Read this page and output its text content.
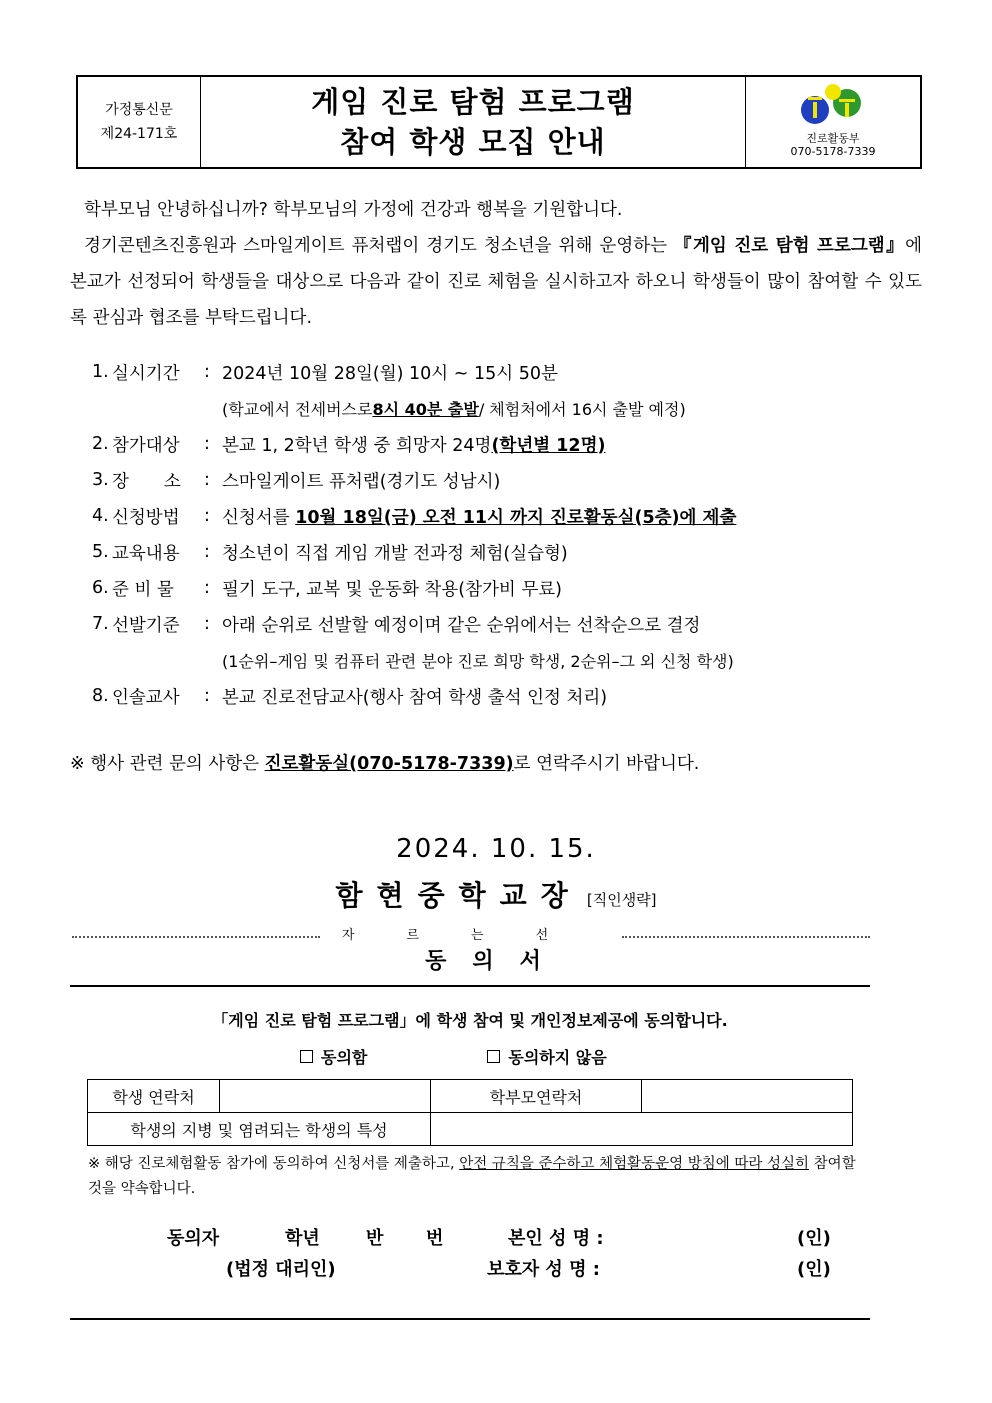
가정통신문
제24-171호
게임 진로 탐험 프로그램
참여 학생 모집 안내	진로활동부
070-5178-7339

학부모님 안녕하십니까? 학부모님의 가정에 건강과 행복을 기원합니다.

경기콘텐츠진흥원과 스마일게이트 퓨처랩이 경기도 청소년을 위해 운영하는 『게임 진로 탐험 프로그램』에 본교가 선정되어 학생들을 대상으로 다음과 같이 진로 체험을 실시하고자 하오니 학생들이 많이 참여할 수 있도록 관심과 협조를 부탁드립니다.

1. 실시기간	: 2024년 10월 28일(월) 10시 ~ 15시 50분
(학교에서 전세버스로 8시 40분 출발 / 체험처에서 16시 출발 예정)
2. 참가대상	: 본교 1, 2학년 학생 중 희망자 24명(학년별 12명)
3. 장　　소	: 스마일게이트 퓨처랩(경기도 성남시)
4. 신청방법	: 신청서를 10월 18일(금) 오전 11시 까지 진로활동실(5층)에 제출
5. 교육내용	: 청소년이 직접 게임 개발 전과정 체험(실습형)
6. 준 비 물	: 필기 도구, 교복 및 운동화 착용(참가비 무료)
7. 선발기준	: 아래 순위로 선발할 예정이며 같은 순위에서는 선착순으로 결정
(1순위–게임 및 컴퓨터 관련 분야 진로 희망 학생, 2순위–그 외 신청 학생)
8. 인솔교사	: 본교 진로전담교사(행사 참여 학생 출석 인정 처리)
※ 행사 관련 문의 사항은 진로활동실(070-5178-7339)로 연락주시기 바랍니다.
2024. 10. 15.
함현중학교장 [직인생략]
자르는선
동의서
「게임 진로 탐험 프로그램」에 학생 참여 및 개인정보제공에 동의합니다.
동의함	동의하지 않음
학생 연락처		학부모연락처	
학생의 지병 및 염려되는 학생의 특성			
※ 해당 진로체험활동 참가에 동의하여 신청서를 제출하고, 안전 규칙을 준수하고 체험활동운영 방침에 따라 성실히 참여할 것을 약속합니다.
동의자	학년	반 번	본인 성 명 :	(인)
(법정 대리인)	보호자 성 명 :	(인)
